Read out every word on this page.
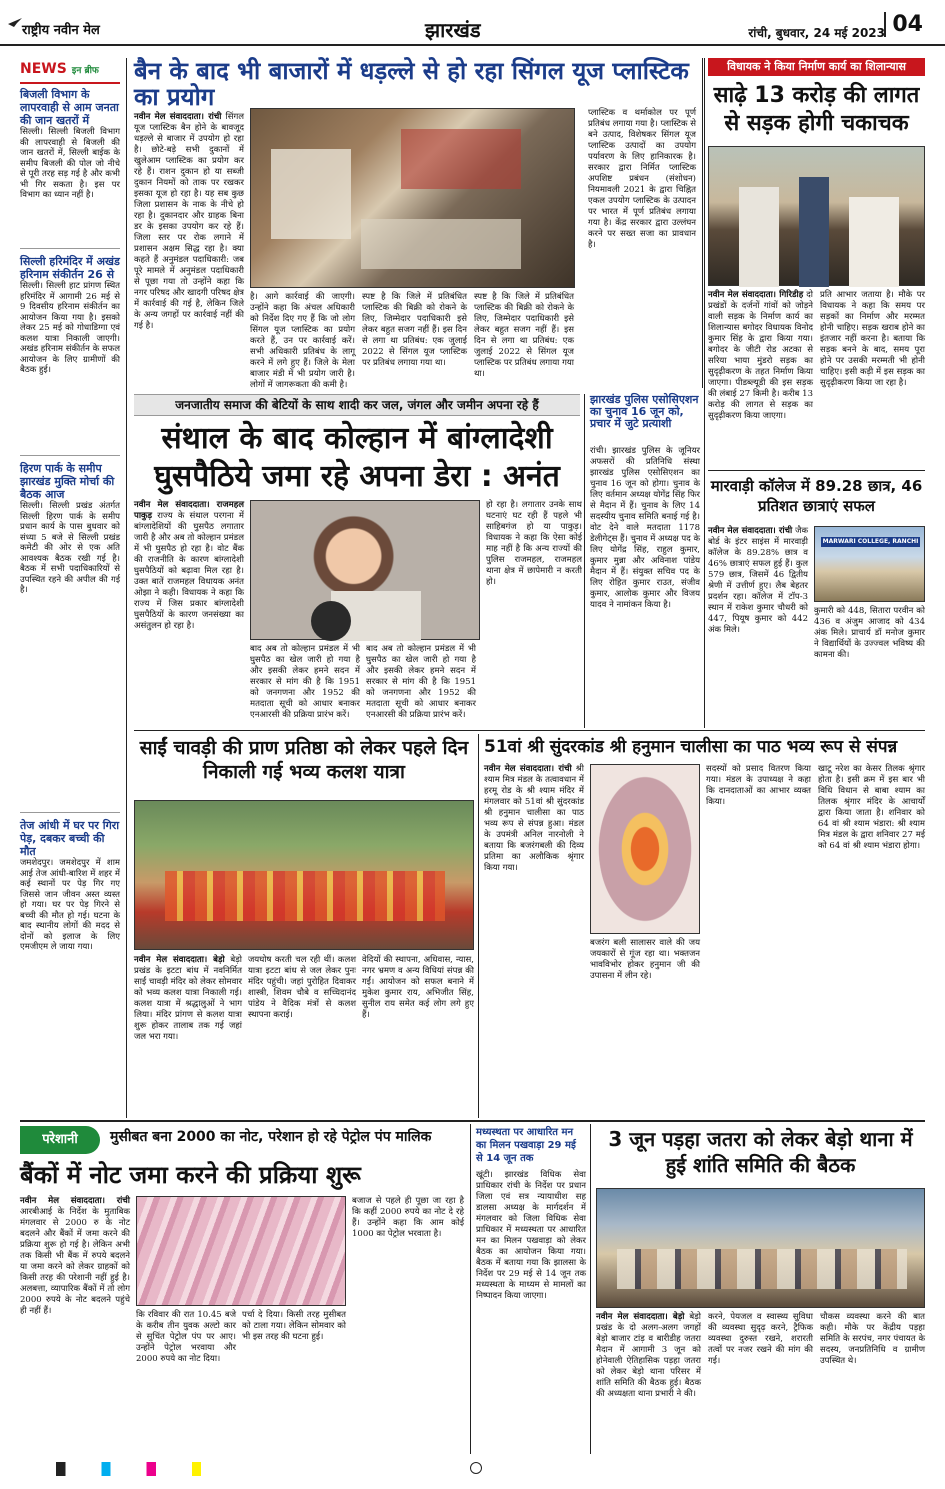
राष्ट्रीय नवीन मेल	झारखंड	रांची, बुधवार, 24 मई 2023 04
NEWS इन ब्रीफ
बिजली विभाग के लापरवाही से आम जनता की जान खतरों में
सिल्ली। सिल्ली बिजली विभाग की लापरवाही से बिजली की जान खतरों में, सिल्ली बाईक के समीप बिजली की पोल जो नीचे से पूरी तरह सड़ गई है और कभी भी गिर सकता है। इस पर विभाग का ध्यान नहीं है।
सिल्ली हरिमंदिर में अखंड हरिनाम संकीर्तन 26 से
सिल्ली। सिल्ली हाट प्रांगण स्थित हरिमंदिर में आगामी 26 मई से 9 दिवसीय हरिनाम संकीर्तन का आयोजन किया गया है। इसको लेकर 25 मई को गोधाडिग्गा एवं कलश यात्रा निकाली जाएगी। अखंड हरिनाम संकीर्तन के सफल आयोजन के लिए ग्रामीणों की बैठक हुई।
हिरण पार्क के समीप झारखंड मुक्ति मोर्चा की बैठक आज
सिल्ली। सिल्ली प्रखंड अंतर्गत सिल्ली हिरण पार्क के समीप प्रधान कार्य के पास बुधवार को संध्या 5 बजे से सिल्ली प्रखंड कमेटी की ओर से एक अति आवश्यक बैठक रखी गई है। बैठक में सभी पदाधिकारियों से उपस्थित रहने की अपील की गई है।
तेज आंधी में घर पर गिरा पेड़, दबकर बच्ची की मौत
जमशेदपुर। जमशेदपुर में शाम आई तेज आंधी-बारिश में शहर में कई स्थानों पर पेड़ गिर गए जिससे जान जीवन अस्त व्यस्त हो गया। घर पर पेड़ गिरने से बच्ची की मौत हो गई। घटना के बाद स्थानीय लोगों की मदद से दोनों को इलाज के लिए एमजीएम ले जाया गया।
बैन के बाद भी बाजारों में धड़ल्ले से हो रहा सिंगल यूज प्लास्टिक का प्रयोग
नवीन मेल संवाददाता। रांची सिंगल यूज प्लास्टिक बैन होने के बावजूद धड़ल्ले से बाजार में उपयोग हो रहा है। छोटे-बड़े सभी दुकानों में खुलेआम प्लास्टिक का प्रयोग कर रहे हैं। राशन दुकान हो या सब्जी दुकान नियमों को ताक पर रखकर इसका यूज हो रहा है। यह सब कुछ जिला प्रशासन के नाक के नीचे हो रहा है। दुकानदार और ग्राहक बिना डर के इसका उपयोग कर रहे हैं। जिला स्तर पर रोक लगाने में प्रशासन अक्षम सिद्ध रहा है। क्या कहते हैं अनुमंडल पदाधिकारी: जब पूरे मामले में अनुमंडल पदाधिकारी से पूछा गया तो उन्होंने कहा कि नगर परिषद और खादगी परिषद क्षेत्र में कार्रवाई की गई है, लेकिन जिले के अन्य जगहों पर कार्रवाई नहीं की गई है।
है। आगे कार्रवाई की जाएगी। उन्होंने कहा कि अंचल अधिकारी को निर्देश दिए गए हैं कि जो लोग सिंगल यूज प्लास्टिक का प्रयोग करते हैं, उन पर कार्रवाई करें। सभी अधिकारी प्रतिबंध के लागू करने में लगे हुए हैं। जिले के मेला बाजार मंडी में भी प्रयोग जारी है। लोगों में जागरूकता की कमी है।
स्पष्ट है कि जिले में प्रतिबंधित प्लास्टिक की बिक्री को रोकने के लिए, जिम्मेदार पदाधिकारी इसे लेकर बहुत सजग नहीं हैं। इस दिन से लगा था प्रतिबंध: एक जुलाई 2022 से सिंगल यूज प्लास्टिक पर प्रतिबंध लगाया गया था।
स्पष्ट है कि जिले में प्रतिबंधित प्लास्टिक की बिक्री को रोकने के लिए, जिम्मेदार पदाधिकारी इसे लेकर बहुत सजग नहीं हैं। इस दिन से लगा था प्रतिबंध: एक जुलाई 2022 से सिंगल यूज प्लास्टिक पर प्रतिबंध लगाया गया था।
प्लास्टिक व थर्माकोल पर पूर्ण प्रतिबंध लगाया गया है। प्लास्टिक से बने उत्पाद, विशेषकर सिंगल यूज प्लास्टिक उत्पादों का उपयोग पर्यावरण के लिए हानिकारक है। सरकार द्वारा निर्मित प्लास्टिक अपशिष्ट प्रबंधन (संशोधन) नियमावली 2021 के द्वारा चिह्नित एकल उपयोग प्लास्टिक के उत्पादन पर भारत में पूर्ण प्रतिबंध लगाया गया है। केंद्र सरकार द्वारा उल्लंघन करने पर सख्त सजा का प्रावधान है।
जनजातीय समाज की बेटियों के साथ शादी कर जल, जंगल और जमीन अपना रहे हैं
संथाल के बाद कोल्हान में बांग्लादेशी घुसपैठिये जमा रहे अपना डेरा : अनंत
नवीन मेल संवाददाता। राजमहल पाकुड़ राज्य के संथाल परगना में बांग्लादेशियों की घुसपैठ लगातार जारी है और अब तो कोल्हान प्रमंडल में भी घुसपैठ हो रहा है। वोट बैंक की राजनीति के कारण बांग्लादेशी घुसपैठियों को बढ़ावा मिल रहा है। उक्त बातें राजमहल विधायक अनंत ओझा ने कही। विधायक ने कहा कि राज्य में जिस प्रकार बांग्लादेशी घुसपैठियों के कारण जनसंख्या का असंतुलन हो रहा है।
बाद अब तो कोल्हान प्रमंडल में भी घुसपैठ का खेल जारी हो गया है और इसकी लेकर हमने सदन में सरकार से मांग की है कि 1951 को जनगणना और 1952 की मतदाता सूची को आधार बनाकर एनआरसी की प्रक्रिया प्रारंभ करें।
बाद अब तो कोल्हान प्रमंडल में भी घुसपैठ का खेल जारी हो गया है और इसकी लेकर हमने सदन में सरकार से मांग की है कि 1951 को जनगणना और 1952 की मतदाता सूची को आधार बनाकर एनआरसी की प्रक्रिया प्रारंभ करें।
हो रहा है। लगातार उनके साथ घटनाएं घट रही हैं पहले भी साहिबगंज हो या पाकुड़। विधायक ने कहा कि ऐसा कोई माह नहीं है कि अन्य राज्यों की पुलिस राजमहल, राजमहल थाना क्षेत्र में छापेमारी न करती हो।
झारखंड पुलिस एसोसिएशन का चुनाव 16 जून को, प्रचार में जुटे प्रत्याशी
रांची। झारखंड पुलिस के जूनियर अफसरों की प्रतिनिधि संस्था झारखंड पुलिस एसोसिएशन का चुनाव 16 जून को होगा। चुनाव के लिए वर्तमान अध्यक्ष योगेंद्र सिंह फिर से मैदान में हैं। चुनाव के लिए 14 सदस्यीय चुनाव समिति बनाई गई है। वोट देने वाले मतदाता 1178 डेलीगेट्स हैं। चुनाव में अध्यक्ष पद के लिए योगेंद्र सिंह, राहुल कुमार, कुमार मुन्ना और अविनाश पांडेय मैदान में हैं। संयुक्त सचिव पद के लिए रोहित कुमार राउत, संजीव कुमार, आलोक कुमार और विजय यादव ने नामांकन किया है।
विधायक ने किया निर्माण कार्य का शिलान्यास
साढ़े 13 करोड़ की लागत से सड़क होगी चकाचक
नवीन मेल संवाददाता। गिरिडीह दो प्रखंडों के दर्जनों गांवों को जोड़ने वाली सड़क के निर्माण कार्य का शिलान्यास बगोदर विधायक विनोद कुमार सिंह के द्वारा किया गया। बगोदर के जीटी रोड अटका से सरिया भाया मुंडरो सड़क का सुदृढ़ीकरण के तहत निर्माण किया जाएगा। पीडब्ल्यूडी की इस सड़क की लंबाई 27 किमी है। करीब 13 करोड़ की लागत से सड़क का सुदृढ़ीकरण किया जाएगा।
प्रति आभार जताया है। मौके पर विधायक ने कहा कि समय पर सड़कों का निर्माण और मरम्मत होनी चाहिए। सड़क खराब होने का इंतजार नहीं करना है। बताया कि सड़क बनने के बाद, समय पूरा होने पर उसकी मरम्मती भी होनी चाहिए। इसी कड़ी में इस सड़क का सुदृढ़ीकरण किया जा रहा है।
मारवाड़ी कॉलेज में 89.28 छात्र, 46 प्रतिशत छात्राएं सफल
नवीन मेल संवाददाता। रांची जैक बोर्ड के इंटर साइंस में मारवाड़ी कॉलेज के 89.28% छात्र व 46% छात्राएं सफल हुई हैं। कुल 579 छात्र, जिसमें 46 द्वितीय श्रेणी में उत्तीर्ण हुए। लैब बेहतर प्रदर्शन रहा। कॉलेज में टॉप-3 स्थान में राकेश कुमार चौधरी को 447, पियूष कुमार को 442 अंक मिले।
MARWARI COLLEGE, RANCHI
कुमारी को 448, सितारा परवीन को 436 व अंजुम आजाद को 434 अंक मिले। प्राचार्य डॉ मनोज कुमार ने विद्यार्थियों के उज्ज्वल भविष्य की कामना की।
साईं चावड़ी की प्राण प्रतिष्ठा को लेकर पहले दिन निकाली गई भव्य कलश यात्रा
नवीन मेल संवाददाता। बेड़ो बेड़ो प्रखंड के इटटा बांध में नवनिर्मित साईं चावड़ी मंदिर को लेकर सोमवार को भव्य कलश यात्रा निकाली गई। कलश यात्रा में श्रद्धालुओं ने भाग लिया। मंदिर प्रांगण से कलश यात्रा शुरू होकर तालाब तक गई जहां जल भरा गया।
जयघोष करती चल रही थीं। कलश यात्रा इटटा बांध से जल लेकर पुनः मंदिर पहुंची। जहां पुरोहित दिवाकर शास्त्री, शिवम चौबे व सच्चिदानंद पांडेय ने वैदिक मंत्रों से कलश स्थापना कराई।
वेदियों की स्थापना, अधिवास, न्यास, नगर भ्रमण व अन्य विधियां संपन्न की गईं। आयोजन को सफल बनाने में मुकेश कुमार राय, अभिजीत सिंह, सुनील राय समेत कई लोग लगे हुए हैं।
51वां श्री सुंदरकांड श्री हनुमान चालीसा का पाठ भव्य रूप से संपन्न
नवीन मेल संवाददाता। रांची श्री श्याम मित्र मंडल के तत्वावधान में हरमू रोड के श्री श्याम मंदिर में मंगलवार को 51वां श्री सुंदरकांड श्री हनुमान चालीसा का पाठ भव्य रूप से संपन्न हुआ। मंडल के उपमंत्री अनिल नारनोली ने बताया कि बजरंगबली की दिव्य प्रतिमा का अलौकिक श्रृंगार किया गया।
बजरंग बली सालासर वाले की जय जयकारों से गूंज रहा था। भक्तजन भावविभोर होकर हनुमान जी की उपासना में लीन रहे।
सदस्यों को प्रसाद वितरण किया गया। मंडल के उपाध्यक्ष ने कहा कि दानदाताओं का आभार व्यक्त किया।
खाटू नरेश का केसर तिलक श्रृंगार होता है। इसी क्रम में इस बार भी विधि विधान से बाबा श्याम का तिलक श्रृंगार मंदिर के आचार्यों द्वारा किया जाता है। शनिवार को 64 वां श्री श्याम भंडारा: श्री श्याम मित्र मंडल के द्वारा शनिवार 27 मई को 64 वां श्री श्याम भंडारा होगा।
परेशानी	मुसीबत बना 2000 का नोट, परेशान हो रहे पेट्रोल पंप मालिक
बैंकों में नोट जमा करने की प्रक्रिया शुरू
नवीन मेल संवाददाता। रांची आरबीआई के निर्देश के मुताबिक मंगलवार से 2000 रु के नोट बदलने और बैंकों में जमा करने की प्रक्रिया शुरू हो गई है। लेकिन अभी तक किसी भी बैंक में रुपये बदलने या जमा करने को लेकर ग्राहकों को किसी तरह की परेशानी नहीं हुई है। अलबत्ता, व्यापारिक बैंकों में तो लोग 2000 रुपये के नोट बदलने पहुंचे ही नहीं हैं।	कि रविवार की रात 10.45 बजे के करीब तीन युवक अल्टो कार से सुचिंत पेट्रोल पंप पर आए। उन्होंने पेट्रोल भरवाया और 2000 रुपये का नोट दिया।
पर्चा दे दिया। किसी तरह मुसीबत को टाला गया। लेकिन सोमवार को भी इस तरह की घटना हुई।
बजाज से पहले ही पूछा जा रहा है कि कहीं 2000 रुपये का नोट दे रहे हैं। उन्होंने कहा कि आम कोई 1000 का पेट्रोल भरवाता है।
मध्यस्थता पर आधारित मन का मिलन पखवाड़ा 29 मई से 14 जून तक
खूंटी। झारखंड विधिक सेवा प्राधिकार रांची के निर्देश पर प्रधान जिला एवं सत्र न्यायाधीश सह डालसा अध्यक्ष के मार्गदर्शन में मंगलवार को जिला विधिक सेवा प्राधिकार में मध्यस्थता पर आधारित मन का मिलन पखवाड़ा को लेकर बैठक का आयोजन किया गया। बैठक में बताया गया कि झालसा के निर्देश पर 29 मई से 14 जून तक मध्यस्थता के माध्यम से मामलों का निष्पादन किया जाएगा।
3 जून पड़हा जतरा को लेकर बेड़ो थाना में हुई शांति समिति की बैठक
नवीन मेल संवाददाता। बेड़ो बेड़ो प्रखंड के दो अलग-अलग जगहों बेड़ो बाजार टांड़ व बारीडीह जतरा मैदान में आगामी 3 जून को होनेवाली ऐतिहासिक पड़हा जतरा को लेकर बेड़ो थाना परिसर में शांति समिति की बैठक हुई। बैठक की अध्यक्षता थाना प्रभारी ने की।
करने, पेयजल व स्वास्थ्य सुविधा की व्यवस्था सुदृढ़ करने, ट्रैफिक व्यवस्था दुरुस्त रखने, शरारती तत्वों पर नजर रखने की मांग की गई।
चौकस व्यवस्था करने की बात कही। मौके पर केंद्रीय पड़हा समिति के सरपंच, नगर पंचायत के सदस्य, जनप्रतिनिधि व ग्रामीण उपस्थित थे।
